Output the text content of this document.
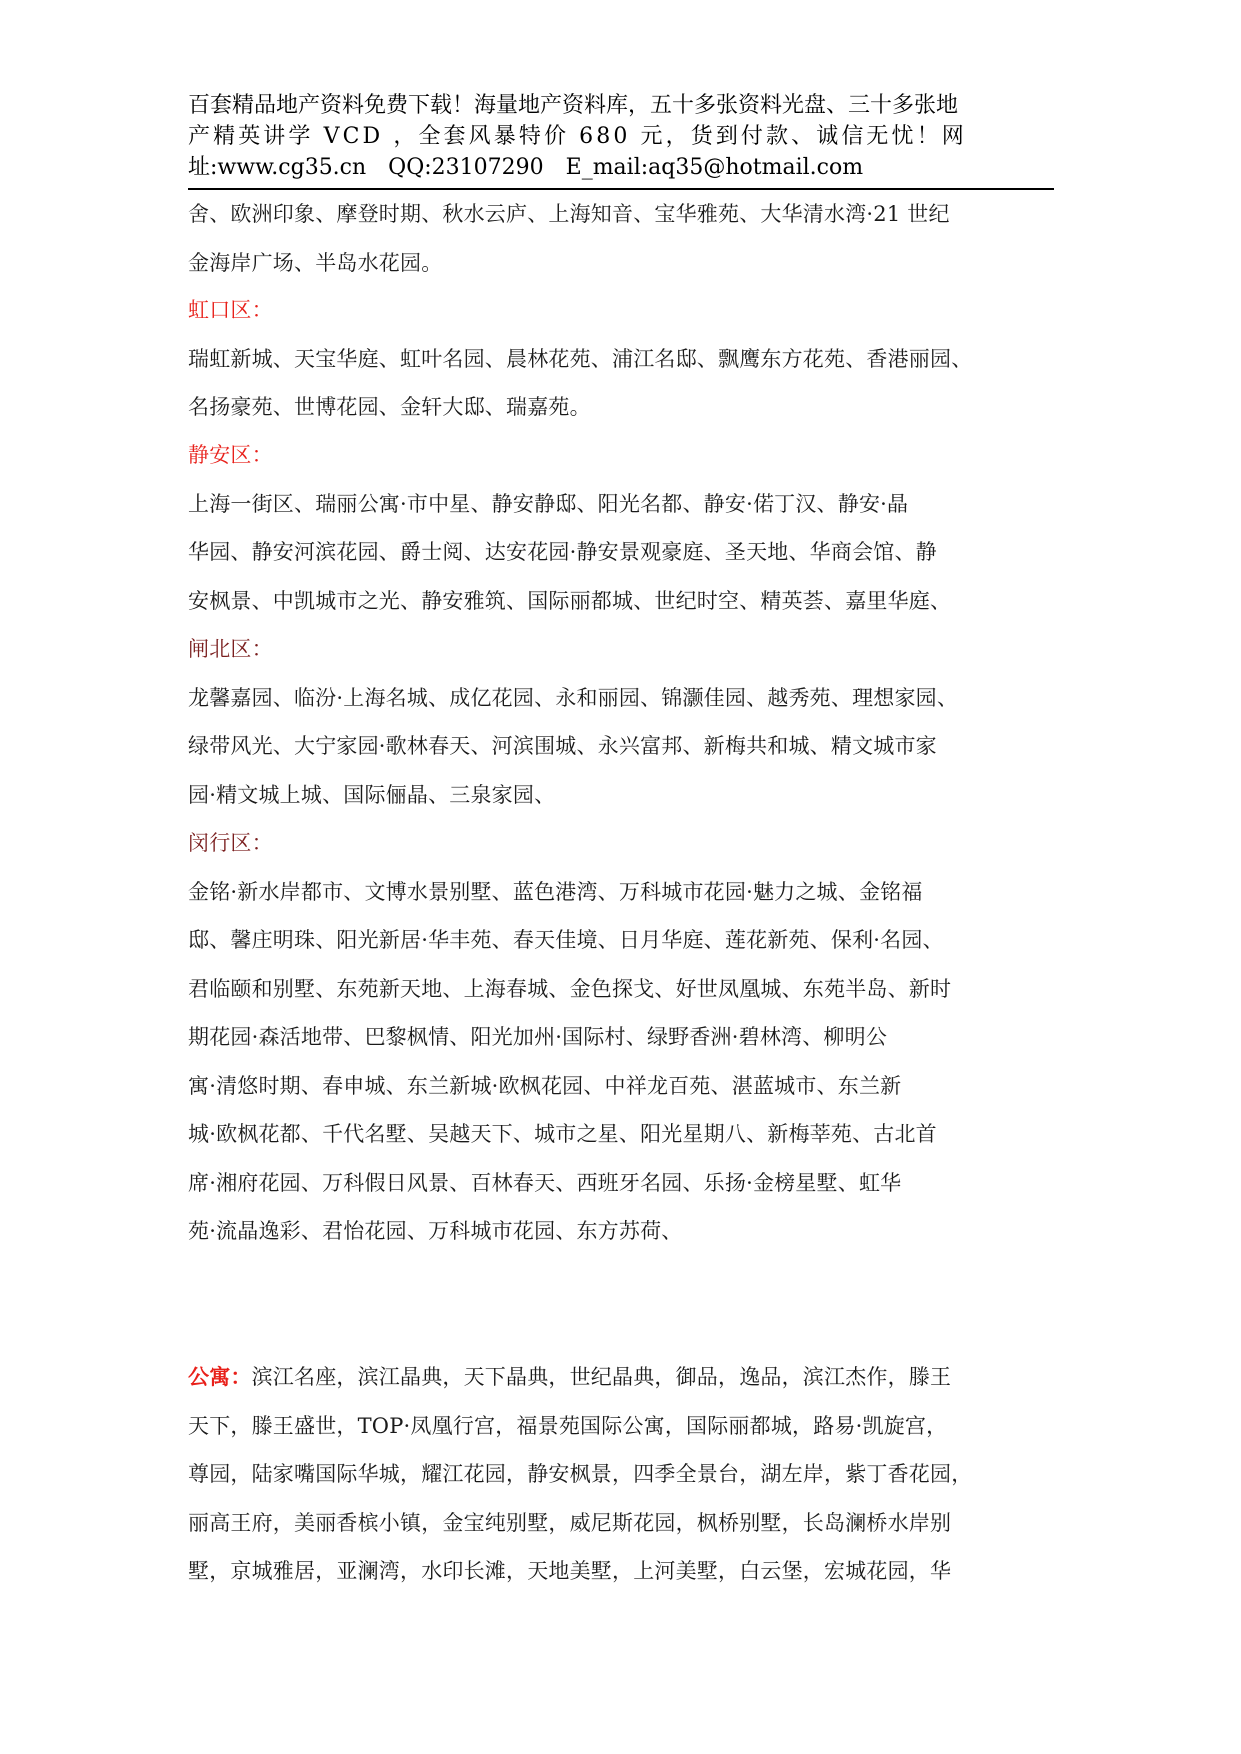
百套精品地产资料免费下载！海量地产资料库，五十多张资料光盘、三十多张地
产精英讲学 VCD ，全套风暴特价 680 元，货到付款、诚信无忧！网
址:www.cg35.cn　QQ:23107290　E_mail:aq35@hotmail.com
舍、欧洲印象、摩登时期、秋水云庐、上海知音、宝华雅苑、大华清水湾·21 世纪
金海岸广场、半岛水花园。
虹口区：
瑞虹新城、天宝华庭、虹叶名园、晨林花苑、浦江名邸、飘鹰东方花苑、香港丽园、
名扬豪苑、世博花园、金轩大邸、瑞嘉苑。
静安区：
上海一街区、瑞丽公寓·市中星、静安静邸、阳光名都、静安·偌丁汉、静安·晶
华园、静安河滨花园、爵士阅、达安花园·静安景观豪庭、圣天地、华商会馆、静
安枫景、中凯城市之光、静安雅筑、国际丽都城、世纪时空、精英荟、嘉里华庭、
闸北区：
龙馨嘉园、临汾·上海名城、成亿花园、永和丽园、锦灏佳园、越秀苑、理想家园、
绿带风光、大宁家园·歌林春天、河滨围城、永兴富邦、新梅共和城、精文城市家
园·精文城上城、国际俪晶、三泉家园、
闵行区：
金铭·新水岸都市、文博水景别墅、蓝色港湾、万科城市花园·魅力之城、金铭福
邸、馨庄明珠、阳光新居·华丰苑、春天佳境、日月华庭、莲花新苑、保利·名园、
君临颐和别墅、东苑新天地、上海春城、金色探戈、好世凤凰城、东苑半岛、新时
期花园·森活地带、巴黎枫情、阳光加州·国际村、绿野香洲·碧林湾、柳明公
寓·清悠时期、春申城、东兰新城·欧枫花园、中祥龙百苑、湛蓝城市、东兰新
城·欧枫花都、千代名墅、吴越天下、城市之星、阳光星期八、新梅莘苑、古北首
席·湘府花园、万科假日风景、百林春天、西班牙名园、乐扬·金榜星墅、虹华
苑·流晶逸彩、君怡花园、万科城市花园、东方苏荷、
公寓：滨江名座，滨江晶典，天下晶典，世纪晶典，御品，逸品，滨江杰作，滕王
天下，滕王盛世，TOP·凤凰行宫，福景苑国际公寓，国际丽都城，路易·凯旋宫，
尊园，陆家嘴国际华城，耀江花园，静安枫景，四季全景台，湖左岸，紫丁香花园，
丽高王府，美丽香槟小镇，金宝纯别墅，威尼斯花园，枫桥别墅，长岛澜桥水岸别
墅，京城雅居，亚澜湾，水印长滩，天地美墅，上河美墅，白云堡，宏城花园，华
